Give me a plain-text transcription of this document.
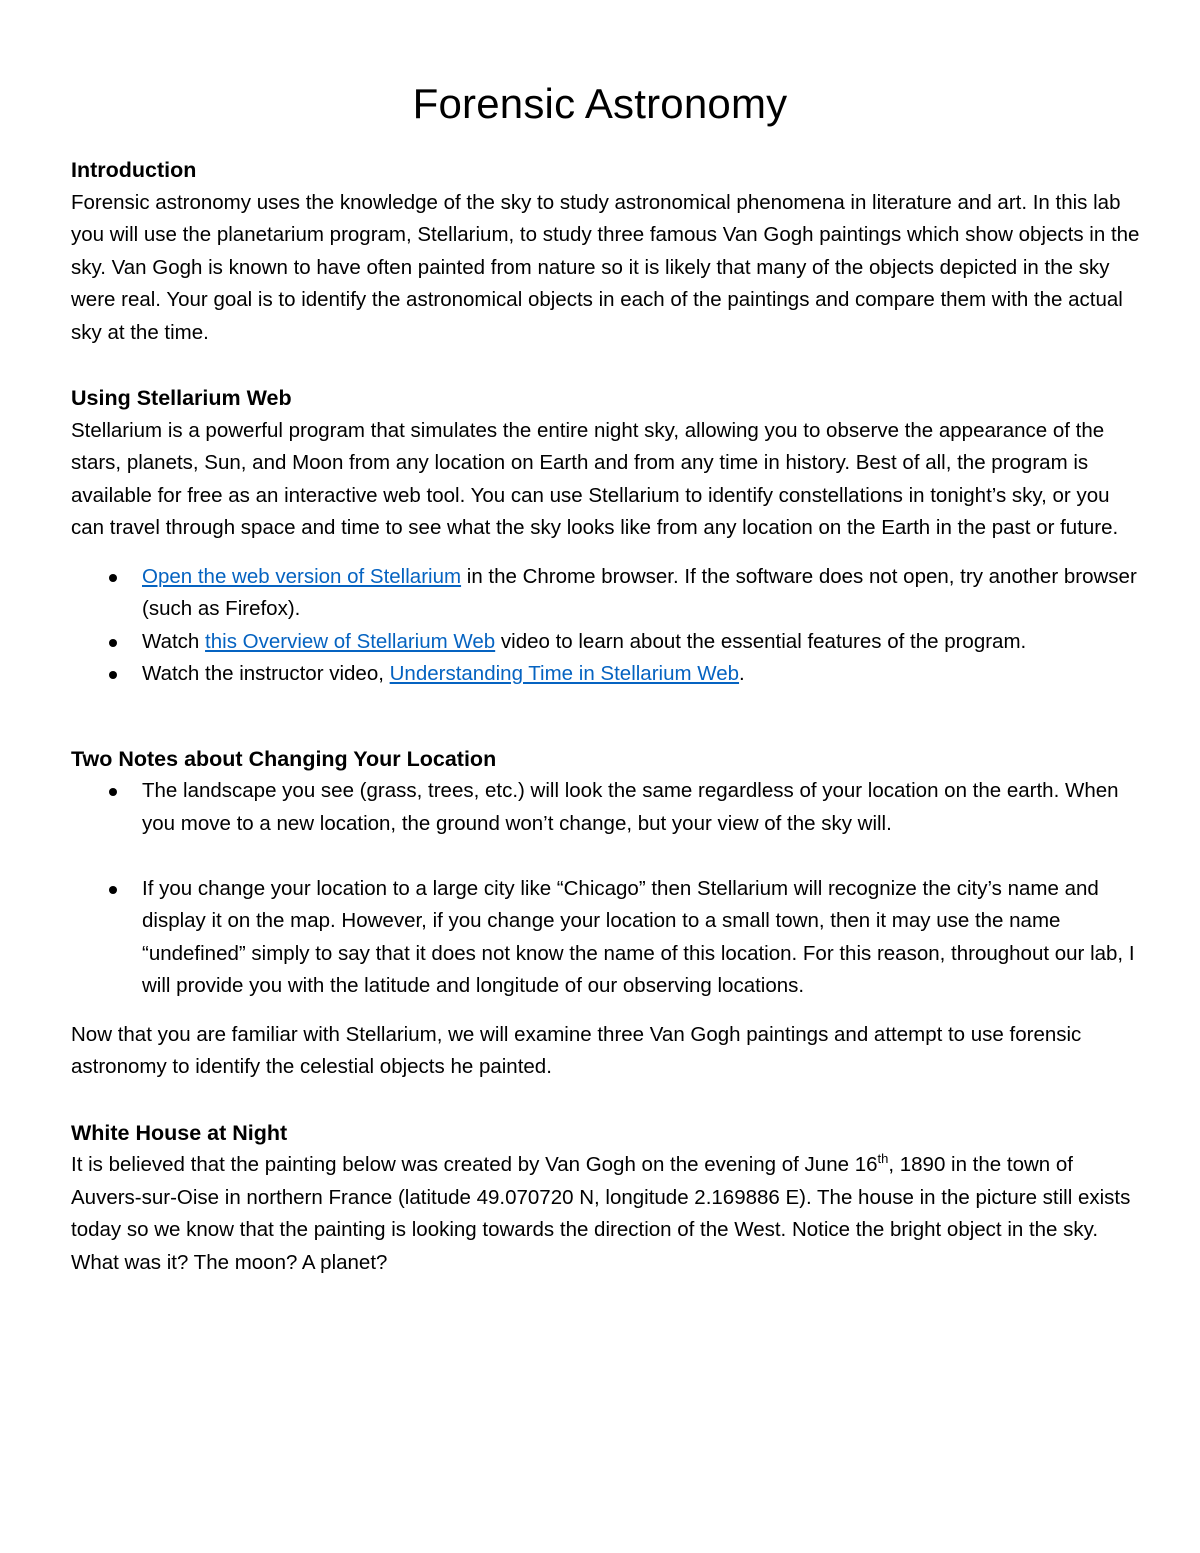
Forensic Astronomy
Introduction

Forensic astronomy uses the knowledge of the sky to study astronomical phenomena in literature and art. In this lab you will use the planetarium program, Stellarium, to study three famous Van Gogh paintings which show objects in the sky. Van Gogh is known to have often painted from nature so it is likely that many of the objects depicted in the sky were real. Your goal is to identify the astronomical objects in each of the paintings and compare them with the actual sky at the time.

Using Stellarium Web

Stellarium is a powerful program that simulates the entire night sky, allowing you to observe the appearance of the stars, planets, Sun, and Moon from any location on Earth and from any time in history. Best of all, the program is available for free as an interactive web tool. You can use Stellarium to identify constellations in tonight’s sky, or you can travel through space and time to see what the sky looks like from any location on the Earth in the past or future.

Open the web version of Stellarium in the Chrome browser. If the software does not open, try another browser (such as Firefox).
Watch this Overview of Stellarium Web video to learn about the essential features of the program.
Watch the instructor video, Understanding Time in Stellarium Web.
Two Notes about Changing Your Location
The landscape you see (grass, trees, etc.) will look the same regardless of your location on the earth. When you move to a new location, the ground won’t change, but your view of the sky will.
If you change your location to a large city like “Chicago” then Stellarium will recognize the city’s name and display it on the map. However, if you change your location to a small town, then it may use the name “undefined” simply to say that it does not know the name of this location. For this reason, throughout our lab, I will provide you with the latitude and longitude of our observing locations.

Now that you are familiar with Stellarium, we will examine three Van Gogh paintings and attempt to use forensic astronomy to identify the celestial objects he painted.

White House at Night

It is believed that the painting below was created by Van Gogh on the evening of June 16th, 1890 in the town of Auvers-sur-Oise in northern France (latitude 49.070720 N, longitude 2.169886 E). The house in the picture still exists today so we know that the painting is looking towards the direction of the West. Notice the bright object in the sky. What was it? The moon? A planet?
